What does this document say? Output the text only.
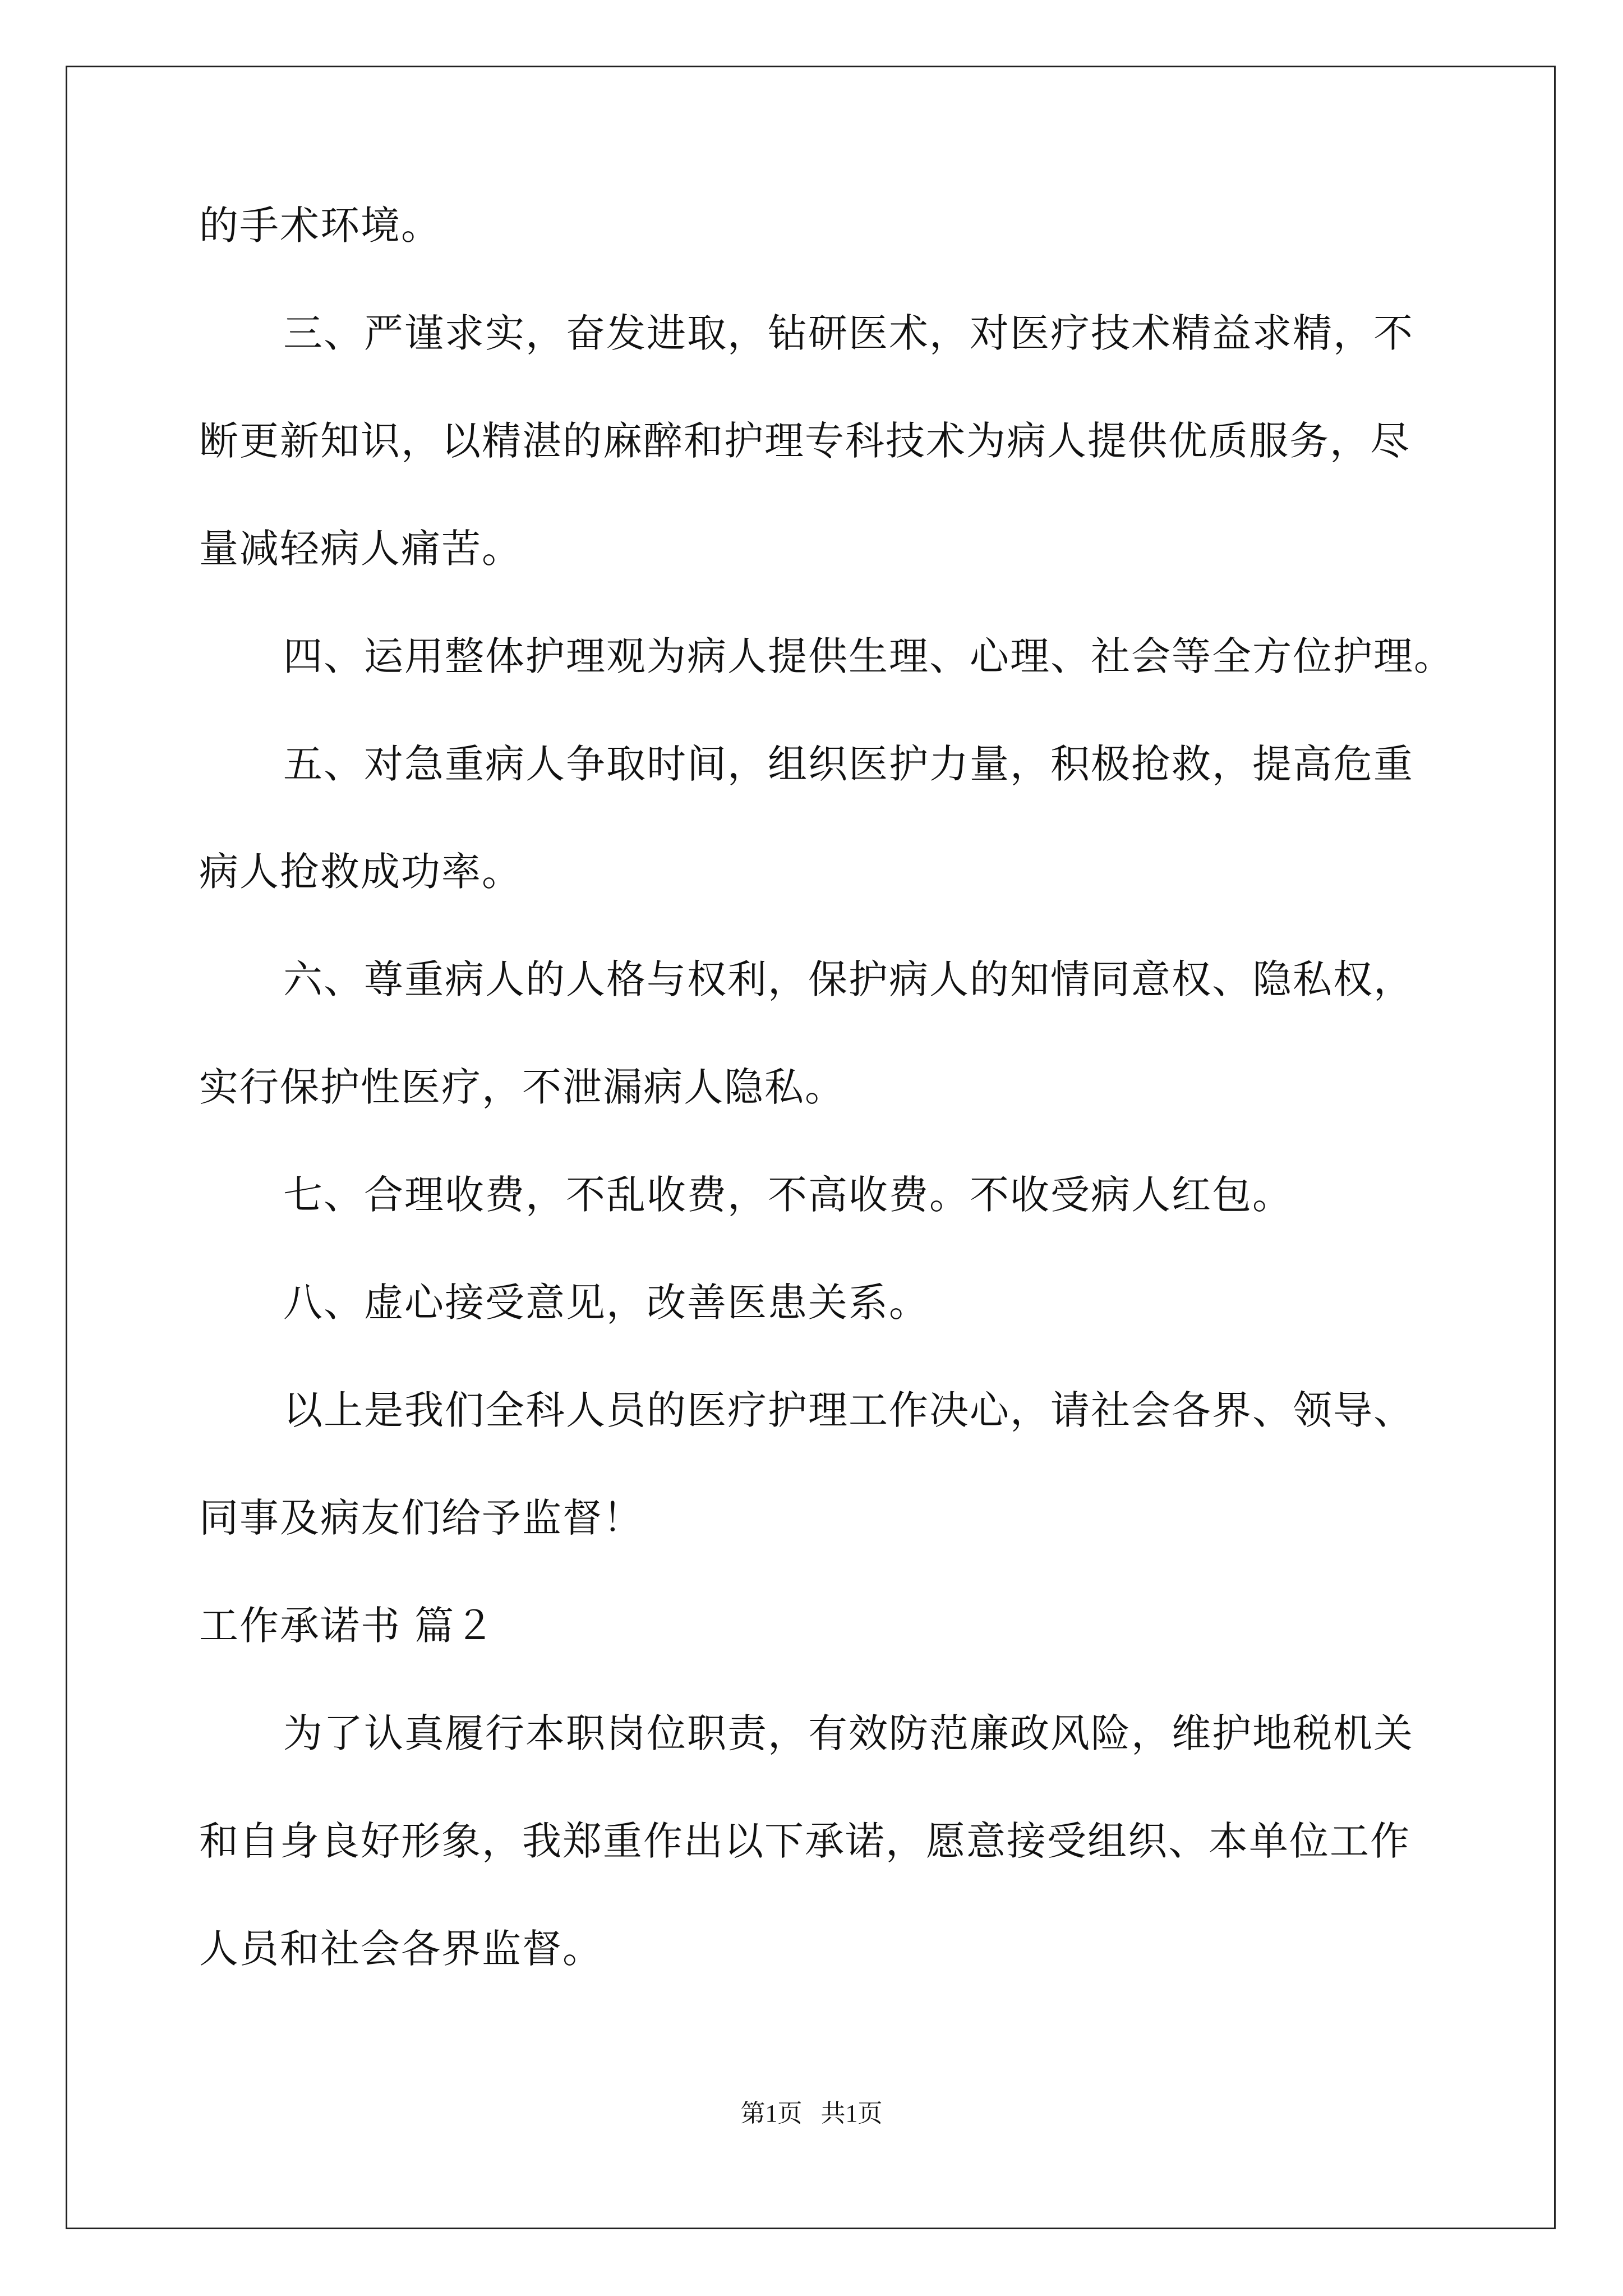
的手术环境。
三、严谨求实，奋发进取，钻研医术，对医疗技术精益求精，不
断更新知识，以精湛的麻醉和护理专科技术为病人提供优质服务，尽
量减轻病人痛苦。
四、运用整体护理观为病人提供生理、心理、社会等全方位护理。
五、对急重病人争取时间，组织医护力量，积极抢救，提高危重
病人抢救成功率。
六、尊重病人的人格与权利，保护病人的知情同意权、隐私权，
实行保护性医疗，不泄漏病人隐私。
七、合理收费，不乱收费，不高收费。不收受病人红包。
八、虚心接受意见，改善医患关系。
以上是我们全科人员的医疗护理工作决心，请社会各界、领导、
同事及病友们给予监督！
工作承诺书 篇２
为了认真履行本职岗位职责，有效防范廉政风险，维护地税机关
和自身良好形象，我郑重作出以下承诺，愿意接受组织、本单位工作
人员和社会各界监督。
第1页   共1页
